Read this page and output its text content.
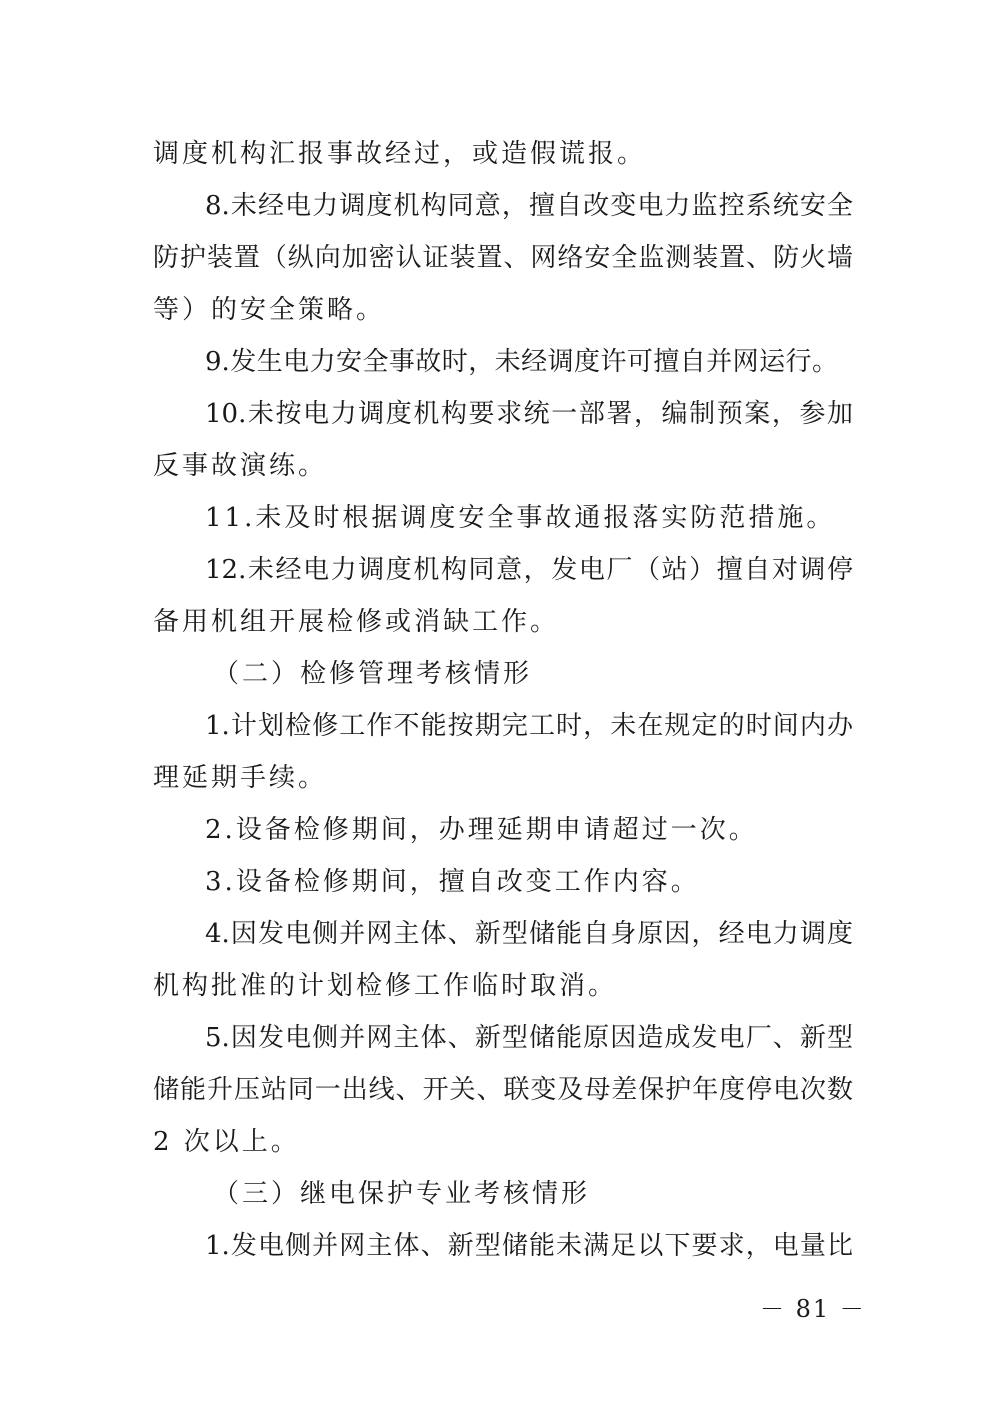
调度机构汇报事故经过，或造假谎报。
8.未经电力调度机构同意，擅自改变电力监控系统安全
防护装置（纵向加密认证装置、网络安全监测装置、防火墙
等）的安全策略。
9.发生电力安全事故时，未经调度许可擅自并网运行。
10.未按电力调度机构要求统一部署，编制预案，参加
反事故演练。
11.未及时根据调度安全事故通报落实防范措施。
12.未经电力调度机构同意，发电厂（站）擅自对调停
备用机组开展检修或消缺工作。
（二）检修管理考核情形
1.计划检修工作不能按期完工时，未在规定的时间内办
理延期手续。
2.设备检修期间，办理延期申请超过一次。
3.设备检修期间，擅自改变工作内容。
4.因发电侧并网主体、新型储能自身原因，经电力调度
机构批准的计划检修工作临时取消。
5.因发电侧并网主体、新型储能原因造成发电厂、新型
储能升压站同一出线、开关、联变及母差保护年度停电次数
2 次以上。
（三）继电保护专业考核情形
1.发电侧并网主体、新型储能未满足以下要求，电量比
－ 81 －
